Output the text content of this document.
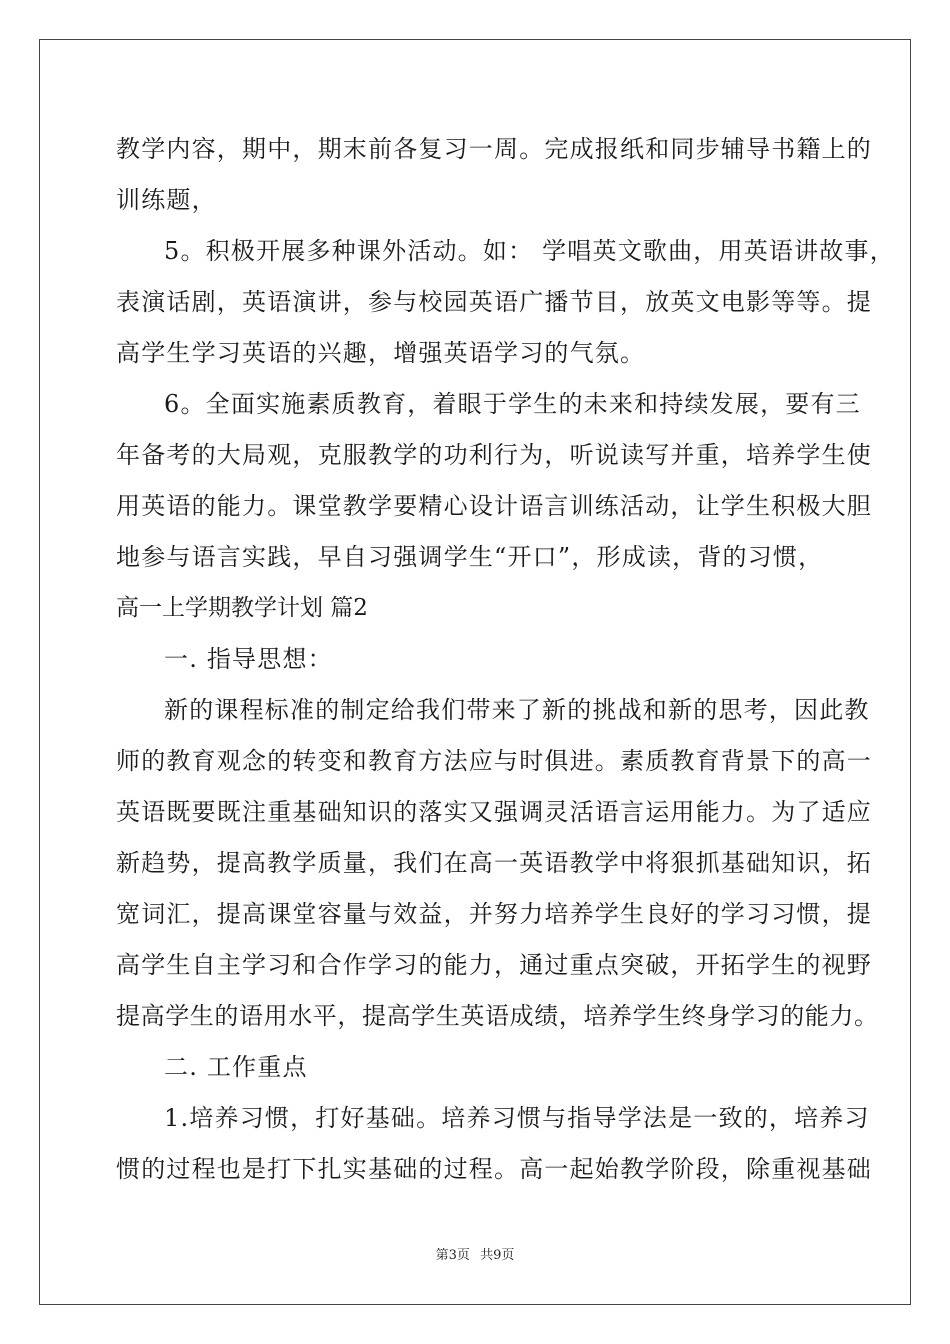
教学内容，期中，期末前各复习一周。完成报纸和同步辅导书籍上的
训练题，
5。积极开展多种课外活动。如： 学唱英文歌曲，用英语讲故事，
表演话剧，英语演讲，参与校园英语广播节目，放英文电影等等。提
高学生学习英语的兴趣，增强英语学习的气氛。
6。全面实施素质教育，着眼于学生的未来和持续发展，要有三
年备考的大局观，克服教学的功利行为，听说读写并重，培养学生使
用英语的能力。课堂教学要精心设计语言训练活动，让学生积极大胆
地参与语言实践，早自习强调学生“开口”，形成读，背的习惯，
高一上学期教学计划 篇2
一. 指导思想：
新的课程标准的制定给我们带来了新的挑战和新的思考，因此教
师的教育观念的转变和教育方法应与时俱进。素质教育背景下的高一
英语既要既注重基础知识的落实又强调灵活语言运用能力。为了适应
新趋势，提高教学质量，我们在高一英语教学中将狠抓基础知识，拓
宽词汇，提高课堂容量与效益，并努力培养学生良好的学习习惯，提
高学生自主学习和合作学习的能力，通过重点突破，开拓学生的视野
提高学生的语用水平，提高学生英语成绩，培养学生终身学习的能力。
二. 工作重点
1.培养习惯，打好基础。培养习惯与指导学法是一致的，培养习
惯的过程也是打下扎实基础的过程。高一起始教学阶段，除重视基础
第3页 共9页
